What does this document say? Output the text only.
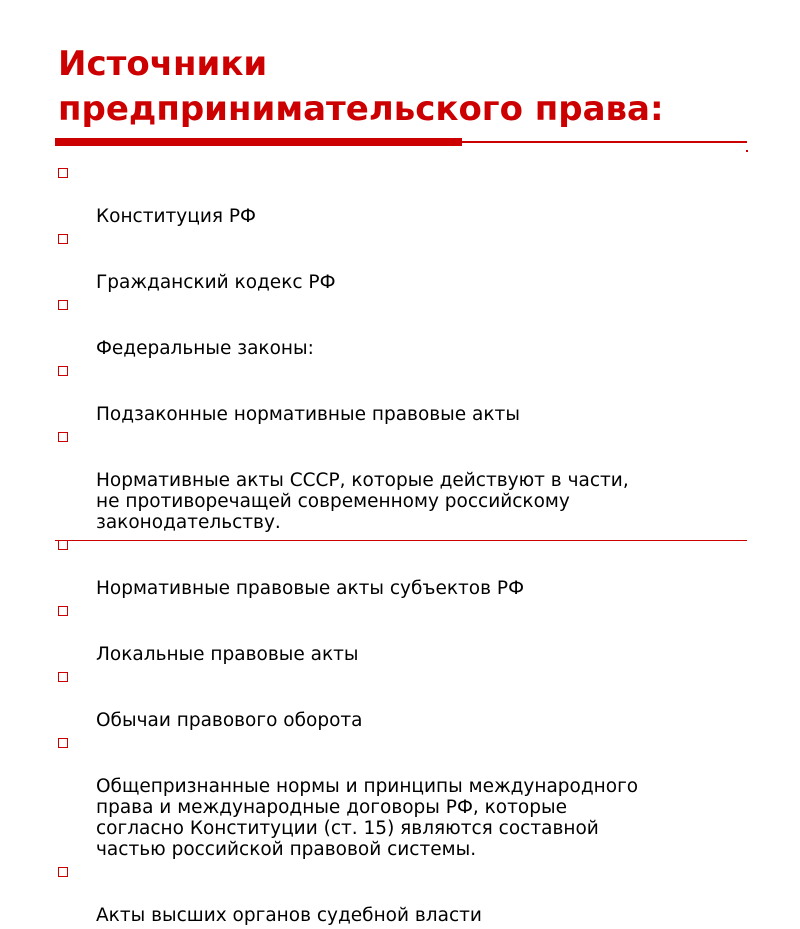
Источники
предпринимательского права:

Конституция РФ

Гражданский кодекс РФ

Федеральные законы:

Подзаконные нормативные правовые акты

Нормативные акты СССР, которые действуют в части,
не противоречащей современному российскому
законодательству.

Нормативные правовые акты субъектов РФ

Локальные правовые акты

Обычаи правового оборота

Общепризнанные нормы и принципы международного
права и международные договоры РФ, которые
согласно Конституции (ст. 15) являются составной
частью российской правовой системы.

Акты высших органов судебной власти
